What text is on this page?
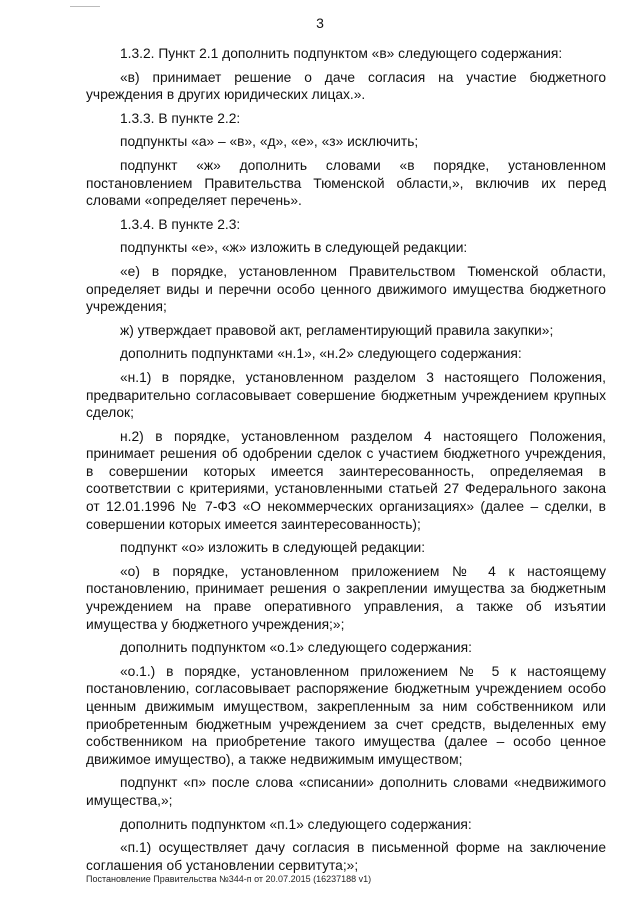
3

1.3.2. Пункт 2.1 дополнить подпунктом «в» следующего содержания:

«в) принимает решение о даче согласия на участие бюджетного учреждения в других юридических лицах.».

1.3.3. В пункте 2.2:

подпункты «а» – «в», «д», «е», «з» исключить;

подпункт «ж» дополнить словами «в порядке, установленном постановлением Правительства Тюменской области,», включив их перед словами «определяет перечень».

1.3.4. В пункте 2.3:

подпункты «е», «ж» изложить в следующей редакции:

«е) в порядке, установленном Правительством Тюменской области, определяет виды и перечни особо ценного движимого имущества бюджетного учреждения;

ж) утверждает правовой акт, регламентирующий правила закупки»;

дополнить подпунктами «н.1», «н.2» следующего содержания:

«н.1) в порядке, установленном разделом 3 настоящего Положения, предварительно согласовывает совершение бюджетным учреждением крупных сделок;

н.2) в порядке, установленном разделом 4 настоящего Положения, принимает решения об одобрении сделок с участием бюджетного учреждения, в совершении которых имеется заинтересованность, определяемая в соответствии с критериями, установленными статьей 27 Федерального закона от 12.01.1996 № 7-ФЗ «О некоммерческих организациях» (далее – сделки, в совершении которых имеется заинтересованность);

подпункт «о» изложить в следующей редакции:

«о) в порядке, установленном приложением № 4 к настоящему постановлению, принимает решения о закреплении имущества за бюджетным учреждением на праве оперативного управления, а также об изъятии имущества у бюджетного учреждения;»;

дополнить подпунктом «о.1» следующего содержания:

«о.1.) в порядке, установленном приложением № 5 к настоящему постановлению, согласовывает распоряжение бюджетным учреждением особо ценным движимым имуществом, закрепленным за ним собственником или приобретенным бюджетным учреждением за счет средств, выделенных ему собственником на приобретение такого имущества (далее – особо ценное движимое имущество), а также недвижимым имуществом;

подпункт «п» после слова «списании» дополнить словами «недвижимого имущества,»;

дополнить подпунктом «п.1» следующего содержания:

«п.1) осуществляет дачу согласия в письменной форме на заключение соглашения об установлении сервитута;»;

Постановление Правительства №344-п от 20.07.2015 (16237188 v1)
